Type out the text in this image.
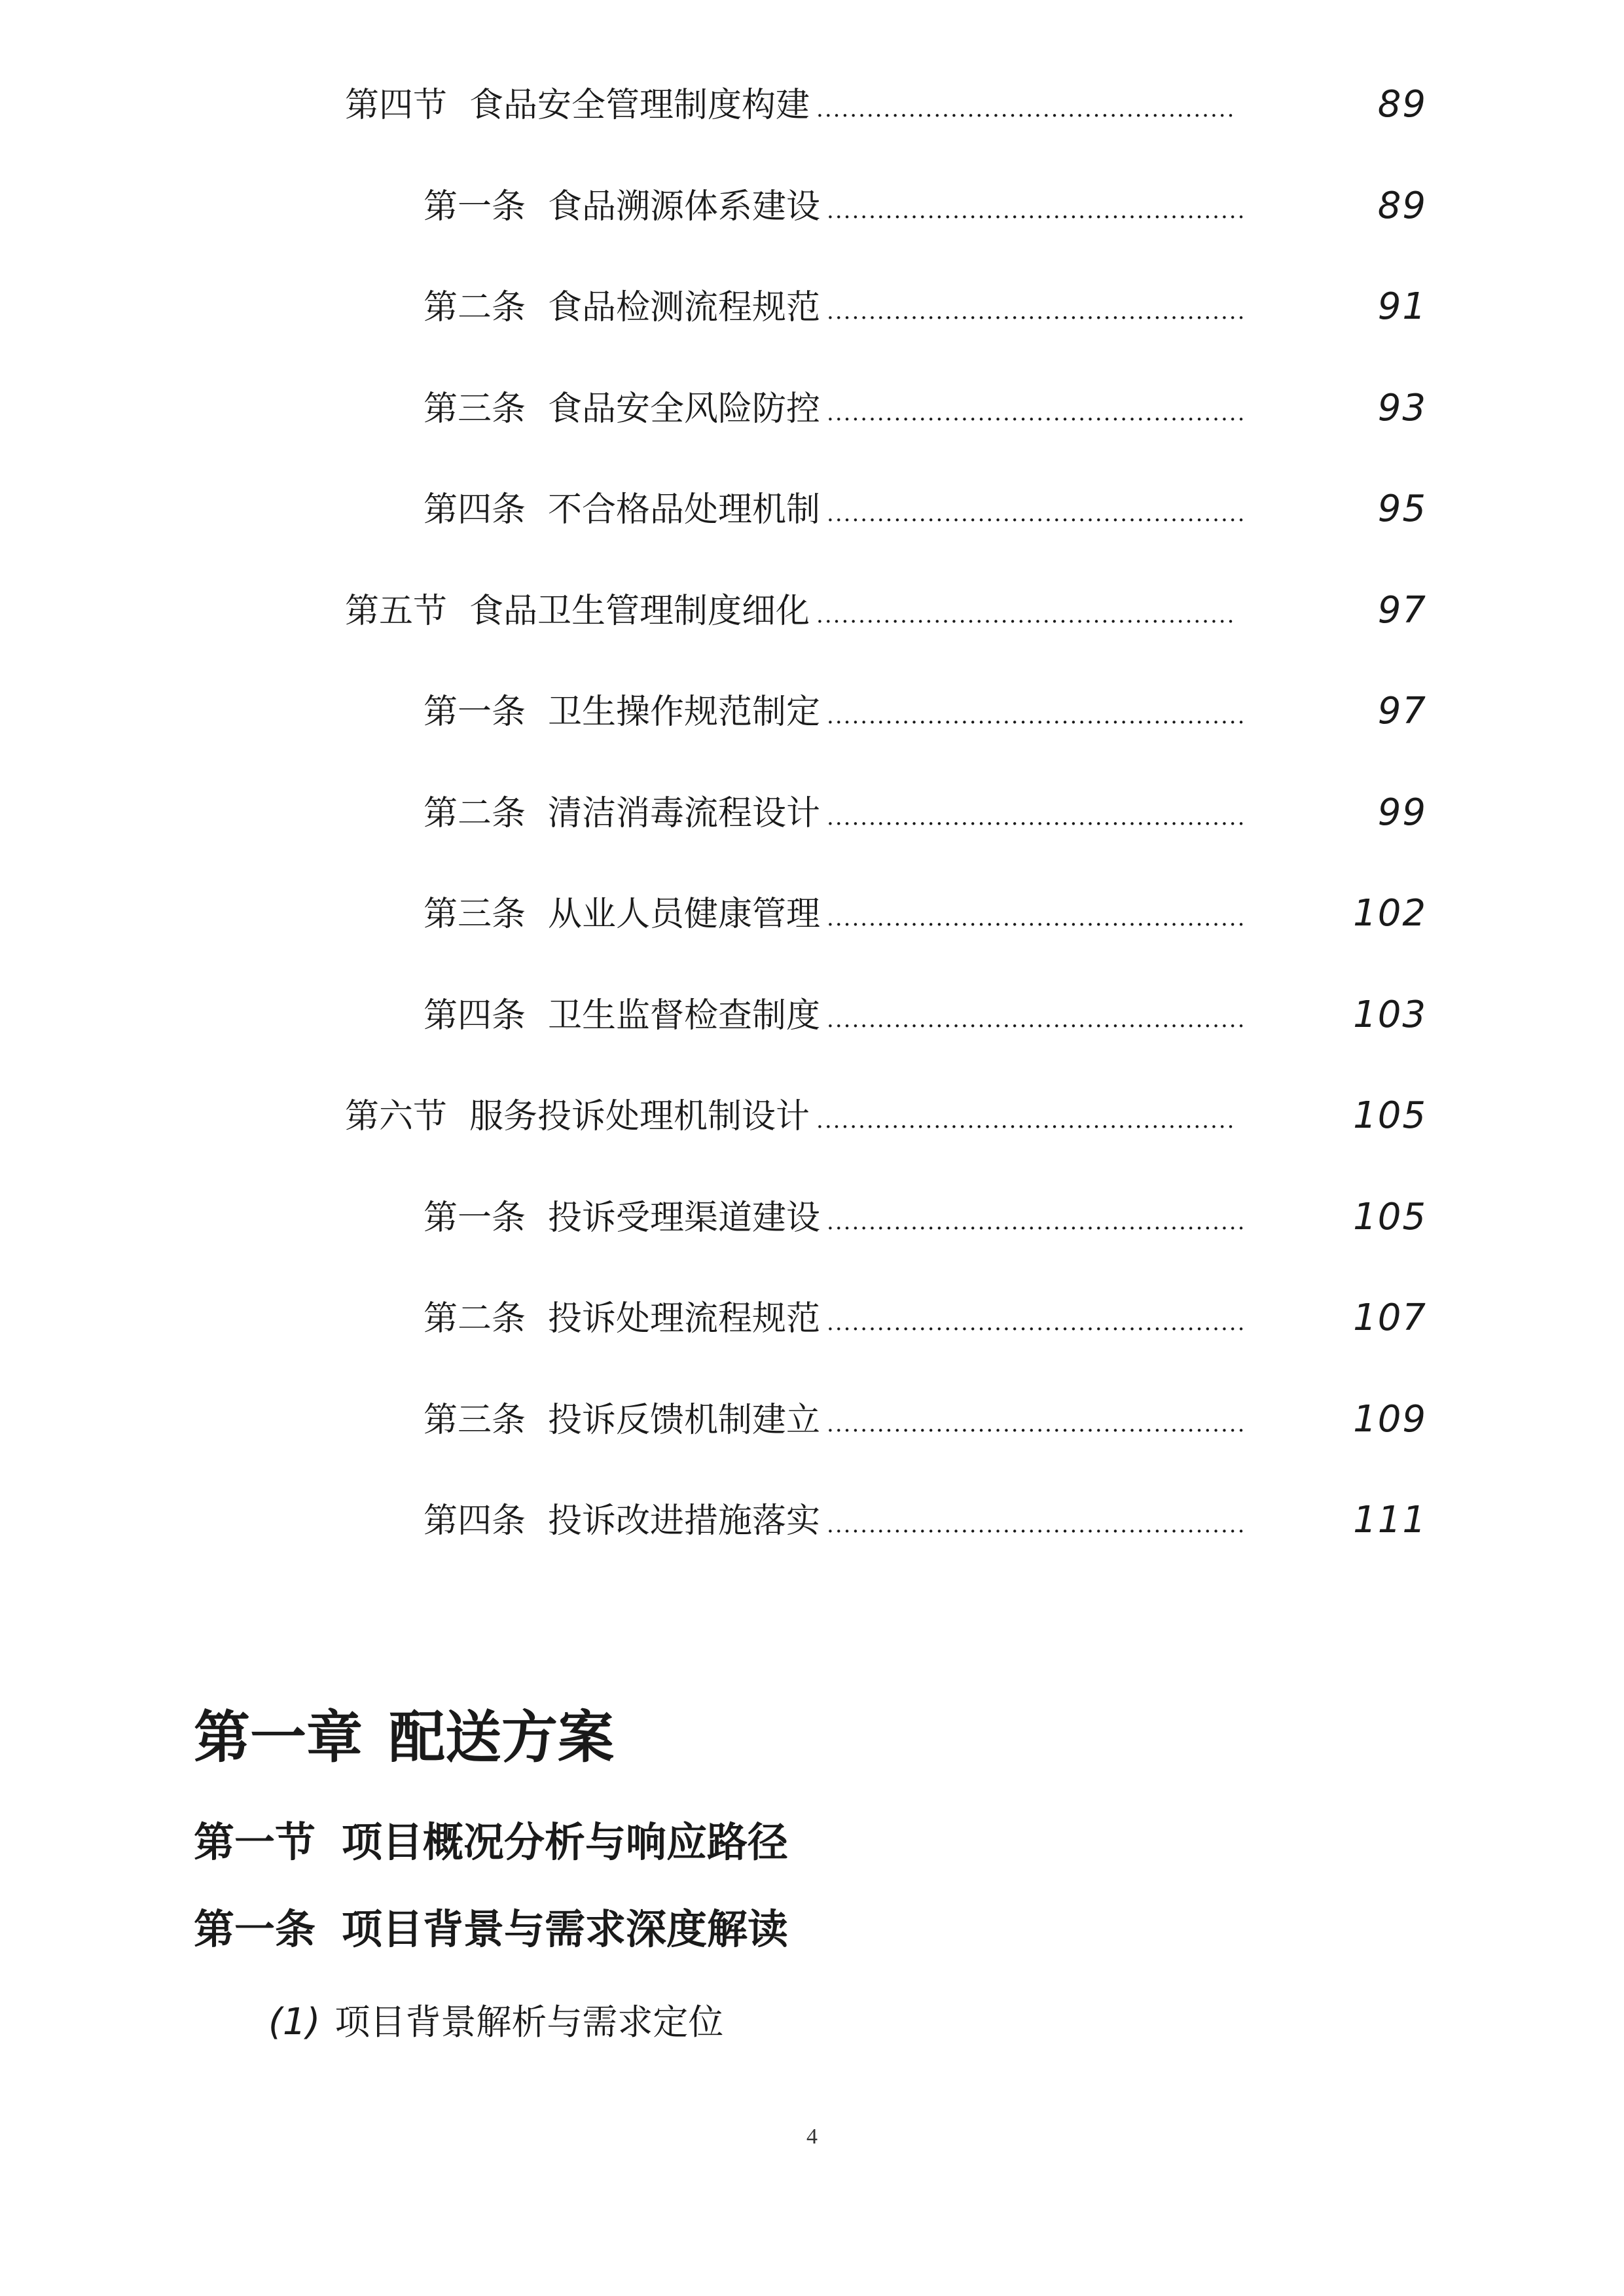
第四节 食品安全管理制度构建 ..................................................	89
第一条 食品溯源体系建设 ..................................................	89
第二条 食品检测流程规范 ..................................................	91
第三条 食品安全风险防控 ..................................................	93
第四条 不合格品处理机制 ..................................................	95
第五节 食品卫生管理制度细化 ..................................................	97
第一条 卫生操作规范制定 ..................................................	97
第二条 清洁消毒流程设计 ..................................................	99
第三条 从业人员健康管理 ..................................................	102
第四条 卫生监督检查制度 ..................................................	103
第六节 服务投诉处理机制设计 ..................................................	105
第一条 投诉受理渠道建设 ..................................................	105
第二条 投诉处理流程规范 ..................................................	107
第三条 投诉反馈机制建立 ..................................................	109
第四条 投诉改进措施落实 ..................................................	111
第一章 配送方案
第一节 项目概况分析与响应路径
第一条 项目背景与需求深度解读
(1) 项目背景解析与需求定位
4
